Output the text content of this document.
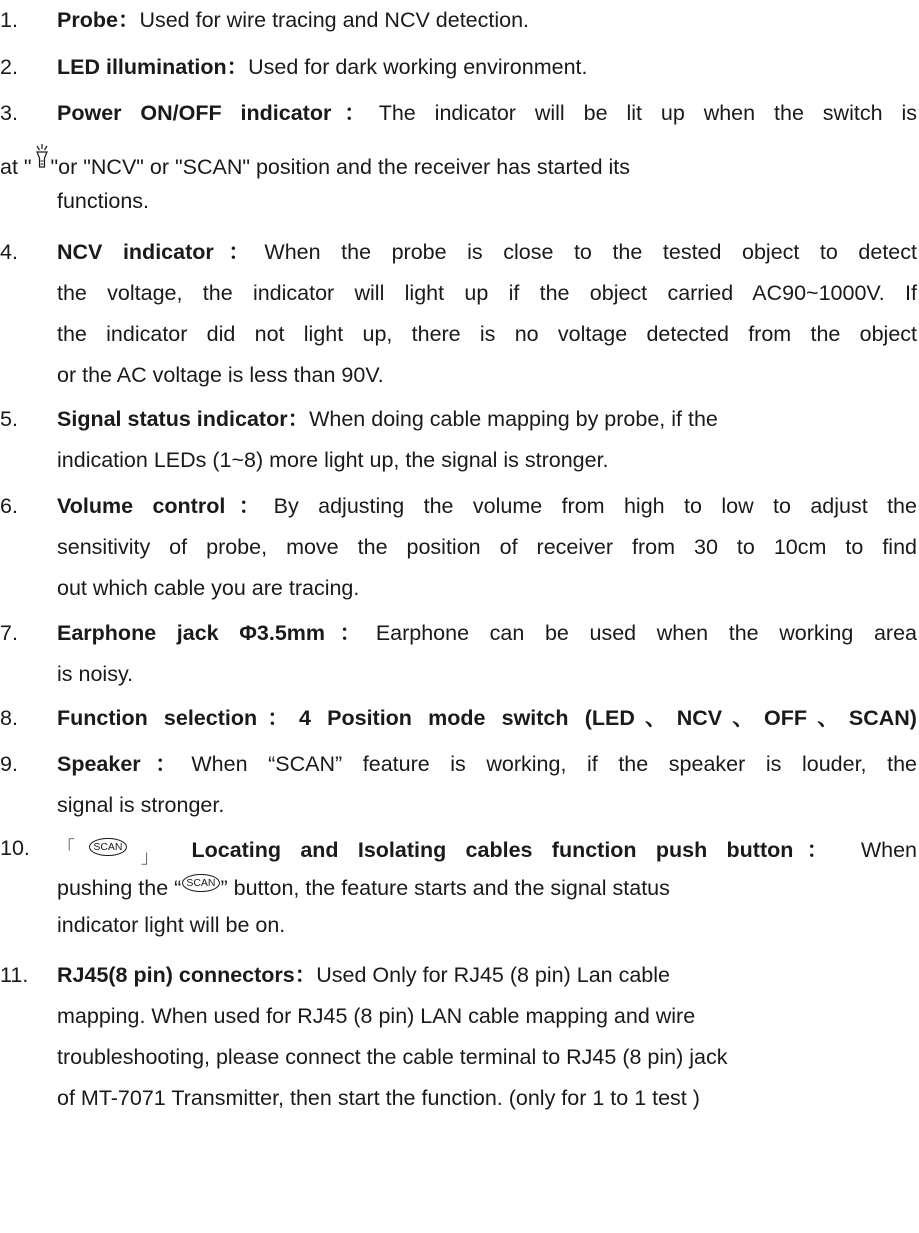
1. Probe：Used for wire tracing and NCV detection.
2. LED illumination：Used for dark working environment.
3. Power ON/OFF indicator：The indicator will be lit up when the switch is
at " "or "NCV" or "SCAN" position and the receiver has started its
functions.
4. NCV indicator：When the probe is close to the tested object to detect
the voltage, the indicator will light up if the object carried AC90~1000V. If
the indicator did not light up, there is no voltage detected from the object
or the AC voltage is less than 90V.
5. Signal status indicator：When doing cable mapping by probe, if the
indication LEDs (1~8) more light up, the signal is stronger.
6. Volume control：By adjusting the volume from high to low to adjust the
sensitivity of probe, move the position of receiver from 30 to 10cm to find
out which cable you are tracing.
7. Earphone jack Φ3.5mm：Earphone can be used when the working area
is noisy.
8. Function selection：4 Position mode switch (LED、NCV、OFF、SCAN)
9. Speaker：When “SCAN” feature is working, if the speaker is louder, the
signal is stronger.
10. 「 SCAN $_」$ Locating and Isolating cables function push button： When
pushing the “ SCAN ” button, the feature starts and the signal status
indicator light will be on.
11. RJ45(8 pin) connectors：Used Only for RJ45 (8 pin) Lan cable
mapping. When used for RJ45 (8 pin) LAN cable mapping and wire
troubleshooting, please connect the cable terminal to RJ45 (8 pin) jack
of MT-7071 Transmitter, then start the function. (only for 1 to 1 test )
